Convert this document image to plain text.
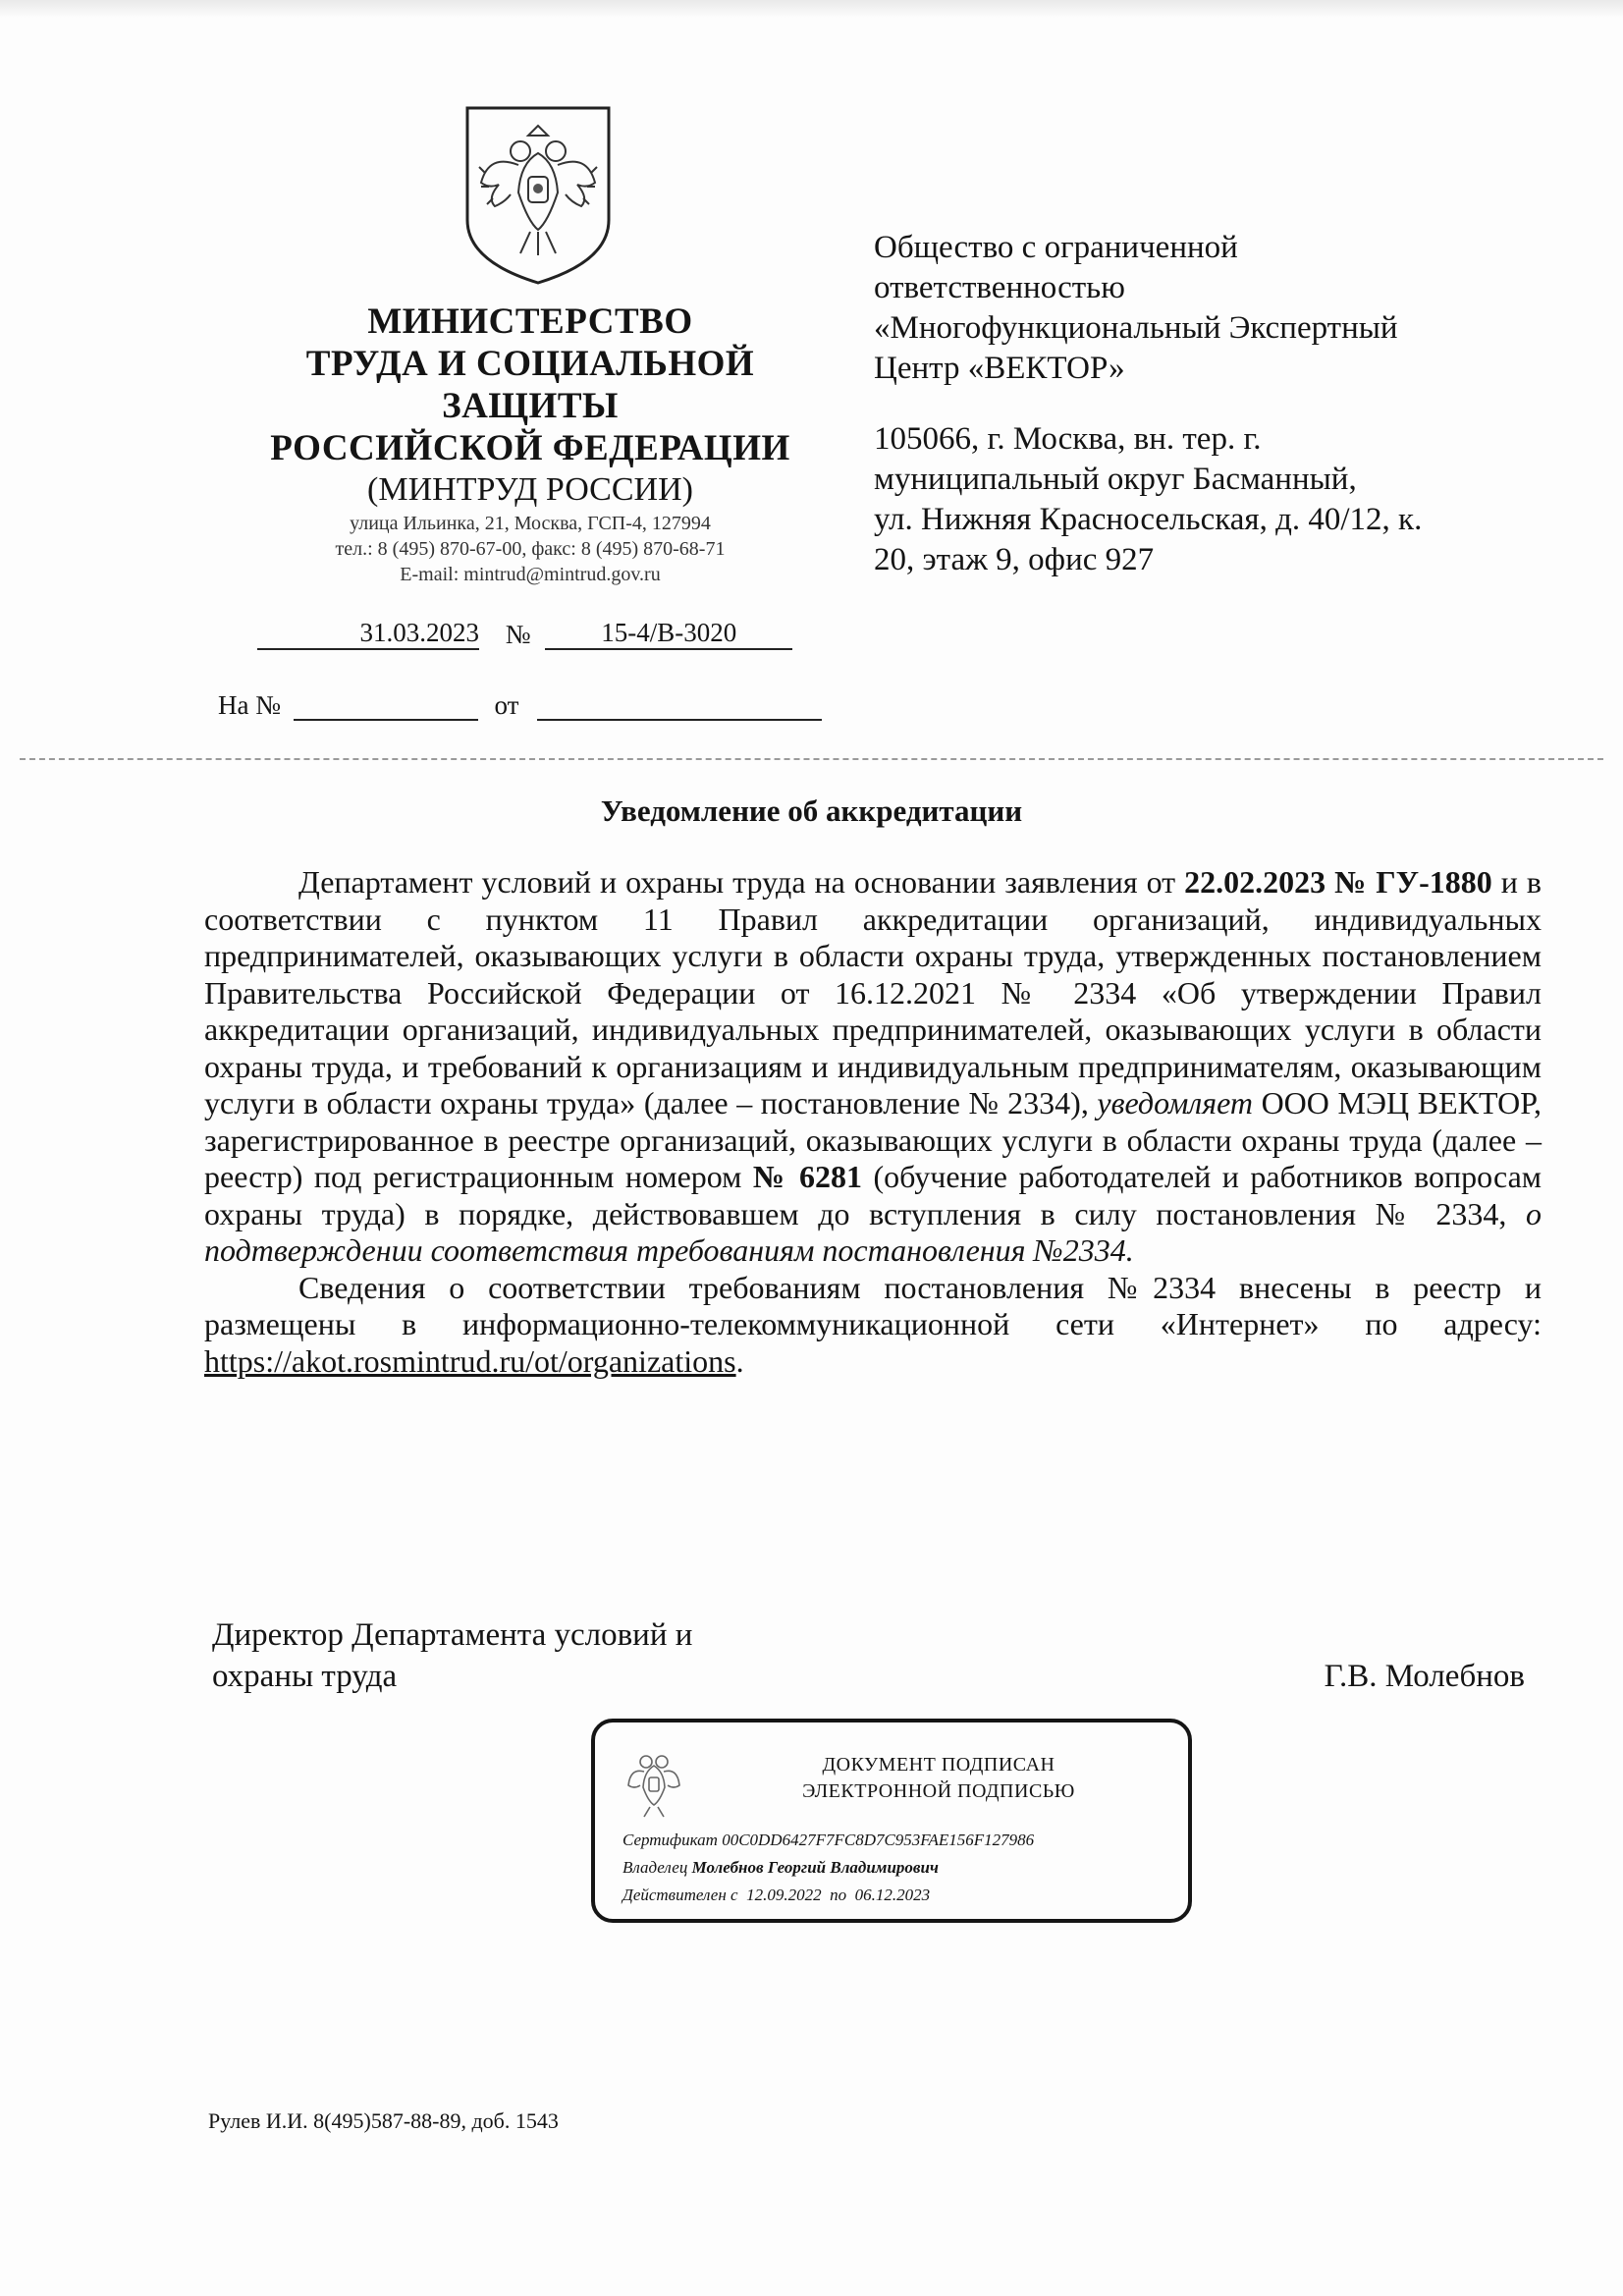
МИНИСТЕРСТВО
ТРУДА И СОЦИАЛЬНОЙ
ЗАЩИТЫ
РОССИЙСКОЙ ФЕДЕРАЦИИ
(МИНТРУД РОССИИ)
улица Ильинка, 21, Москва, ГСП-4, 127994
тел.: 8 (495) 870-67-00, факс: 8 (495) 870-68-71
E-mail: mintrud@mintrud.gov.ru
31.03.2023 №	15-4/В-3020
На №	от

Общество с ограниченной

ответственностью

«Многофункциональный Экспертный

Центр «ВЕКТОР»

105066, г. Москва, вн. тер. г.

муниципальный округ Басманный,

ул. Нижняя Красносельская, д. 40/12, к.

20, этаж 9, офис 927

Уведомление об аккредитации

Департамент условий и охраны труда на основании заявления от 22.02.2023 № ГУ-1880 и в соответствии с пунктом 11 Правил аккредитации организаций, индивидуальных предпринимателей, оказывающих услуги в области охраны труда, утвержденных постановлением Правительства Российской Федерации от 16.12.2021 № 2334 «Об утверждении Правил аккредитации организаций, индивидуальных предпринимателей, оказывающих услуги в области охраны труда, и требований к организациям и индивидуальным предпринимателям, оказывающим услуги в области охраны труда» (далее – постановление № 2334), уведомляет ООО МЭЦ ВЕКТОР, зарегистрированное в реестре организаций, оказывающих услуги в области охраны труда (далее – реестр) под регистрационным номером № 6281 (обучение работодателей и работников вопросам охраны труда) в порядке, действовавшем до вступления в силу постановления № 2334, о подтверждении соответствия требованиям постановления №2334.

Сведения о соответствии требованиям постановления №2334 внесены в реестр и размещены в информационно-телекоммуникационной сети «Интернет» по адресу: https://akot.rosmintrud.ru/ot/organizations.

Директор Департамента условий и
охраны труда	Г.В. Молебнов
ДОКУМЕНТ ПОДПИСАН
ЭЛЕКТРОННОЙ ПОДПИСЬЮ
Сертификат 00C0DD6427F7FC8D7C953FAE156F127986
Владелец Молебнов Георгий Владимирович
Действителен с 12.09.2022 по 06.12.2023
Рулев И.И. 8(495)587-88-89, доб. 1543
